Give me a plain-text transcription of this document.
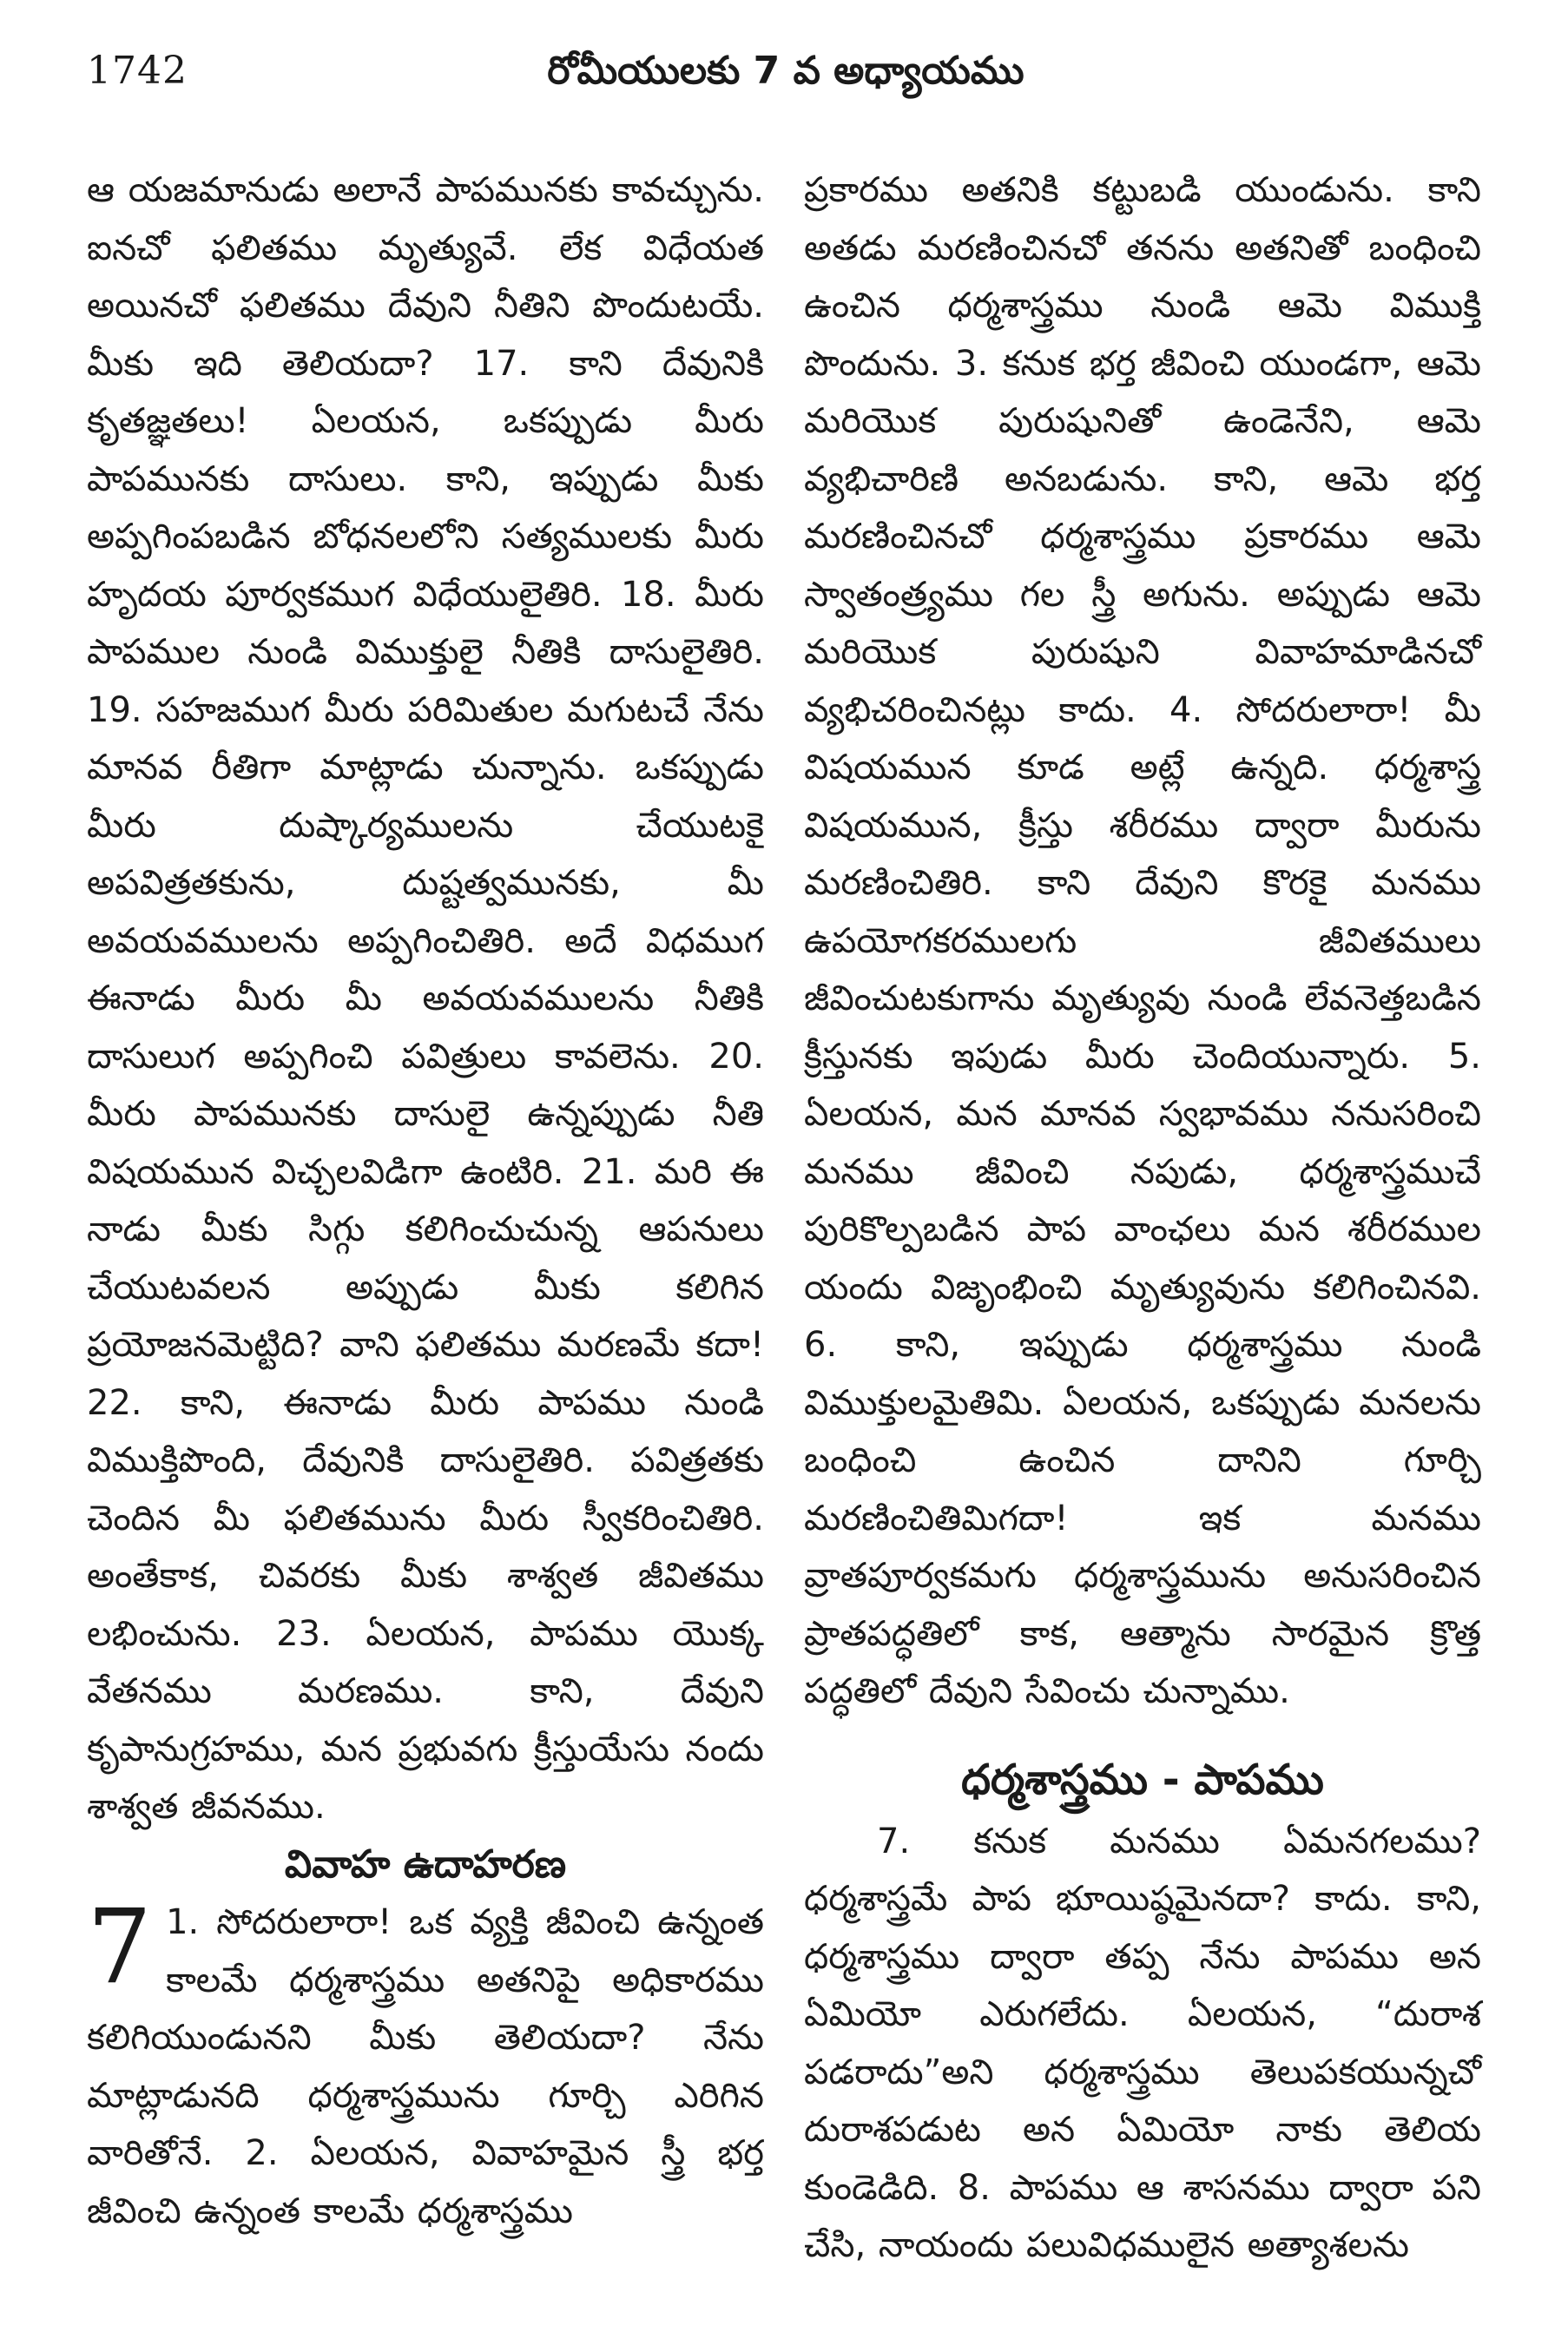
1742	రోమీయులకు 7 వ అధ్యాయము

ఆ యజమానుడు అలానే పాపమునకు కావచ్చును. ఐనచో ఫలితము మృత్యువే. లేక విధేయత అయినచో ఫలితము దేవుని నీతిని పొందుటయే. మీకు ఇది తెలియదా? 17. కాని దేవునికి కృతజ్ఞతలు! ఏలయన, ఒకప్పుడు మీరు పాపమునకు దాసులు. కాని, ఇప్పుడు మీకు అప్పగింపబడిన బోధనలలోని సత్యములకు మీరు హృదయ పూర్వకముగ విధేయులైతిరి. 18. మీరు పాపముల నుండి విముక్తులై నీతికి దాసులైతిరి. 19. సహజముగ మీరు పరిమితుల మగుటచే నేను మానవ రీతిగా మాట్లాడు చున్నాను. ఒకప్పుడు మీరు దుష్కార్యములను చేయుటకై అపవిత్రతకును, దుష్టత్వమునకు, మీ అవయవములను అప్పగించితిరి. అదే విధముగ ఈనాడు మీరు మీ అవయవములను నీతికి దాసులుగ అప్పగించి పవిత్రులు కావలెను. 20. మీరు పాపమునకు దాసులై ఉన్నప్పుడు నీతి విషయమున విచ్చలవిడిగా ఉంటిరి. 21. మరి ఈ నాడు మీకు సిగ్గు కలిగించుచున్న ఆపనులు చేయుటవలన అప్పుడు మీకు కలిగిన ప్రయోజనమెట్టిది? వాని ఫలితము మరణమే కదా! 22. కాని, ఈనాడు మీరు పాపము నుండి విముక్తిపొంది, దేవునికి దాసులైతిరి. పవిత్రతకు చెందిన మీ ఫలితమును మీరు స్వీకరించితిరి. అంతేకాక, చివరకు మీకు శాశ్వత జీవితము లభించును. 23. ఏలయన, పాపము యొక్క వేతనము మరణము. కాని, దేవుని కృపానుగ్రహము, మన ప్రభువగు క్రీస్తుయేసు నందు శాశ్వత జీవనము.

వివాహ ఉదాహరణ

7 1. సోదరులారా! ఒక వ్యక్తి జీవించి ఉన్నంత కాలమే ధర్మశాస్త్రము అతనిపై అధికారము కలిగియుండునని మీకు తెలియదా? నేను మాట్లాడునది ధర్మశాస్త్రమును గూర్చి ఎరిగిన వారితోనే. 2. ఏలయన, వివాహమైన స్త్రీ భర్త జీవించి ఉన్నంత కాలమే ధర్మశాస్త్రము

ప్రకారము అతనికి కట్టుబడి యుండును. కాని అతడు మరణించినచో తనను అతనితో బంధించి ఉంచిన ధర్మశాస్త్రము నుండి ఆమె విముక్తి పొందును. 3. కనుక భర్త జీవించి యుండగా, ఆమె మరియొక పురుషునితో ఉండెనేని, ఆమె వ్యభిచారిణి అనబడును. కాని, ఆమె భర్త మరణించినచో ధర్మశాస్త్రము ప్రకారము ఆమె స్వాతంత్ర్యము గల స్త్రీ అగును. అప్పుడు ఆమె మరియొక పురుషుని వివాహమాడినచో వ్యభిచరించినట్లు కాదు. 4. సోదరులారా! మీ విషయమున కూడ అట్లే ఉన్నది. ధర్మశాస్త్ర విషయమున, క్రీస్తు శరీరము ద్వారా మీరును మరణించితిరి. కాని దేవుని కొరకై మనము ఉపయోగకరములగు జీవితములు జీవించుటకుగాను మృత్యువు నుండి లేవనెత్తబడిన క్రీస్తునకు ఇపుడు మీరు చెందియున్నారు. 5. ఏలయన, మన మానవ స్వభావము ననుసరించి మనము జీవించి నపుడు, ధర్మశాస్త్రముచే పురికొల్పబడిన పాప వాంఛలు మన శరీరముల యందు విజృంభించి మృత్యువును కలిగించినవి. 6. కాని, ఇప్పుడు ధర్మశాస్త్రము నుండి విముక్తులమైతిమి. ఏలయన, ఒకప్పుడు మనలను బంధించి ఉంచిన దానిని గూర్చి మరణించితిమిగదా! ఇక మనము వ్రాతపూర్వకమగు ధర్మశాస్త్రమును అనుసరించిన ప్రాతపద్ధతిలో కాక, ఆత్మాను సారమైన క్రొత్త పద్ధతిలో దేవుని సేవించు చున్నాము.

ధర్మశాస్త్రము - పాపము

7. కనుక మనము ఏమనగలము? ధర్మశాస్త్రమే పాప భూయిష్ఠమైనదా? కాదు. కాని, ధర్మశాస్త్రము ద్వారా తప్ప నేను పాపము అన ఏమియో ఎరుగలేదు. ఏలయన, “దురాశ పడరాదు”అని ధర్మశాస్త్రము తెలుపకయున్నచో దురాశపడుట అన ఏమియో నాకు తెలియ కుండెడిది. 8. పాపము ఆ శాసనము ద్వారా పని చేసి, నాయందు పలువిధములైన అత్యాశలను
